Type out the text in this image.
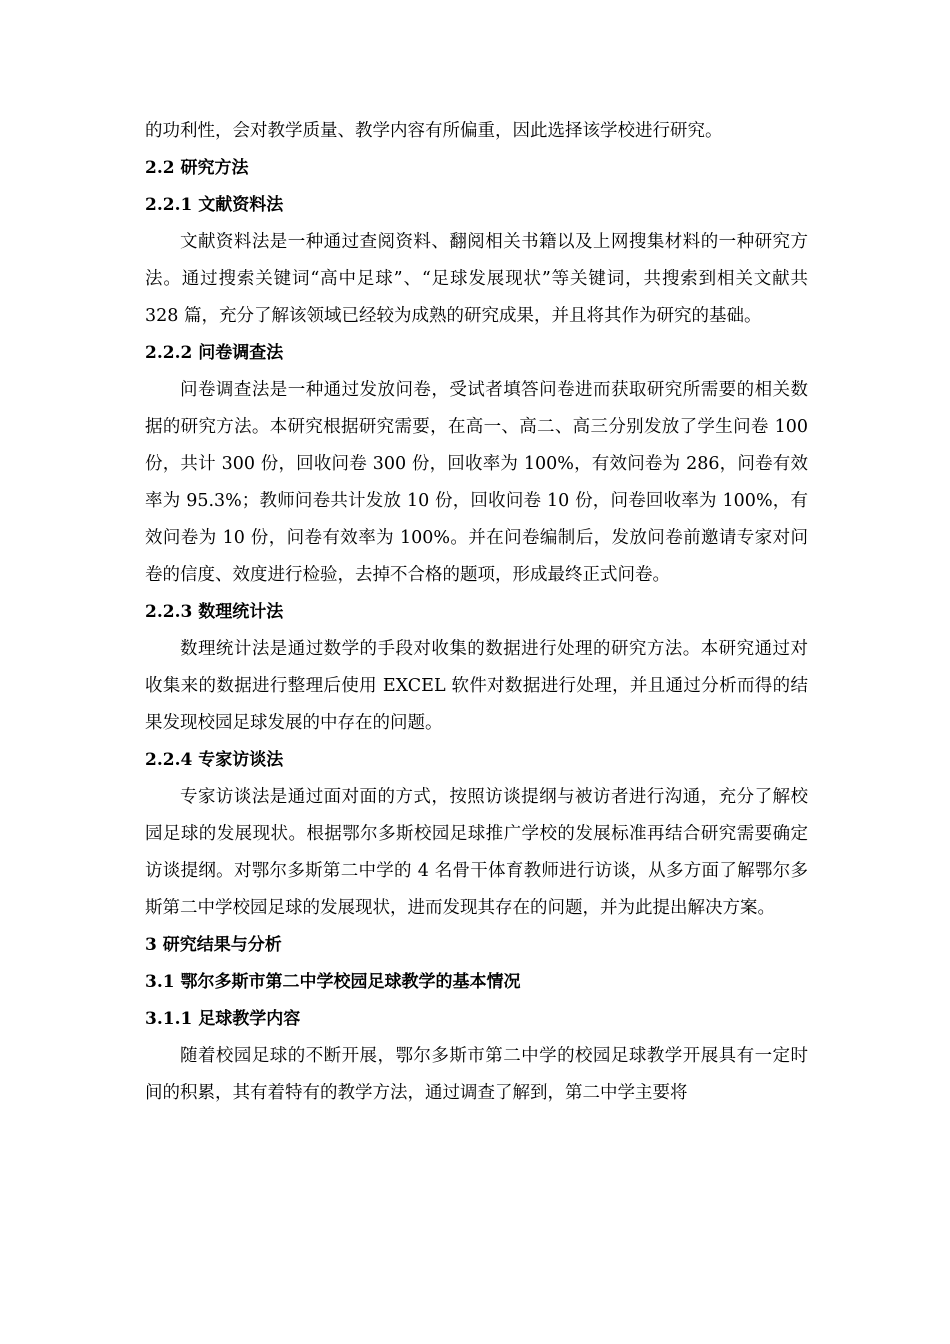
的功利性，会对教学质量、教学内容有所偏重，因此选择该学校进行研究。

2.2 研究方法

2.2.1 文献资料法

文献资料法是一种通过查阅资料、翻阅相关书籍以及上网搜集材料的一种研究方法。通过搜索关键词“高中足球”、“足球发展现状”等关键词，共搜索到相关文献共 328 篇，充分了解该领域已经较为成熟的研究成果，并且将其作为研究的基础。

2.2.2 问卷调查法

问卷调查法是一种通过发放问卷，受试者填答问卷进而获取研究所需要的相关数据的研究方法。本研究根据研究需要，在高一、高二、高三分别发放了学生问卷 100 份，共计 300 份，回收问卷 300 份，回收率为 100%，有效问卷为 286，问卷有效率为 95.3%；教师问卷共计发放 10 份，回收问卷 10 份，问卷回收率为 100%，有效问卷为 10 份，问卷有效率为 100%。并在问卷编制后，发放问卷前邀请专家对问卷的信度、效度进行检验，去掉不合格的题项，形成最终正式问卷。

2.2.3 数理统计法

数理统计法是通过数学的手段对收集的数据进行处理的研究方法。本研究通过对收集来的数据进行整理后使用 EXCEL 软件对数据进行处理，并且通过分析而得的结果发现校园足球发展的中存在的问题。

2.2.4 专家访谈法

专家访谈法是通过面对面的方式，按照访谈提纲与被访者进行沟通，充分了解校园足球的发展现状。根据鄂尔多斯校园足球推广学校的发展标准再结合研究需要确定访谈提纲。对鄂尔多斯第二中学的 4 名骨干体育教师进行访谈，从多方面了解鄂尔多斯第二中学校园足球的发展现状，进而发现其存在的问题，并为此提出解决方案。

3 研究结果与分析

3.1 鄂尔多斯市第二中学校园足球教学的基本情况

3.1.1 足球教学内容

随着校园足球的不断开展，鄂尔多斯市第二中学的校园足球教学开展具有一定时间的积累，其有着特有的教学方法，通过调查了解到，第二中学主要将
